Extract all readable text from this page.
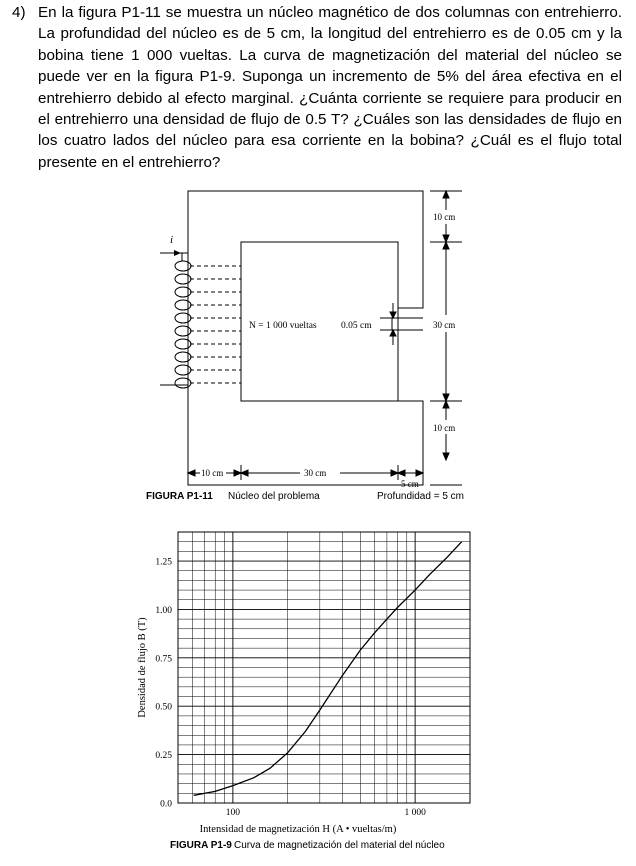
4) En la figura P1-11 se muestra un núcleo magnético de dos columnas con entrehierro. La profundidad del núcleo es de 5 cm, la longitud del entrehierro es de 0.05 cm y la bobina tiene 1 000 vueltas. La curva de magnetización del material del núcleo se puede ver en la figura P1-9. Suponga un incremento de 5% del área efectiva en el entrehierro debido al efecto marginal. ¿Cuánta corriente se requiere para producir en el entrehierro una densidad de flujo de 0.5 T? ¿Cuáles son las densidades de flujo en los cuatro lados del núcleo para esa corriente en la bobina? ¿Cuál es el flujo total presente en el entrehierro?
i
N = 1 000 vueltas	0.05 cm
10 cm
30 cm
10 cm
10 cm	30 cm
5 cm
FIGURA P1-11 Núcleo del problema	Profundidad = 5 cm
0.0
0.25
0.50
0.75
1.00
1.25
100	1 000
Densidad de flujo B (T)
Intensidad de magnetización H (A • vueltas/m)
FIGURA P1-9 Curva de magnetización del material del núcleo
